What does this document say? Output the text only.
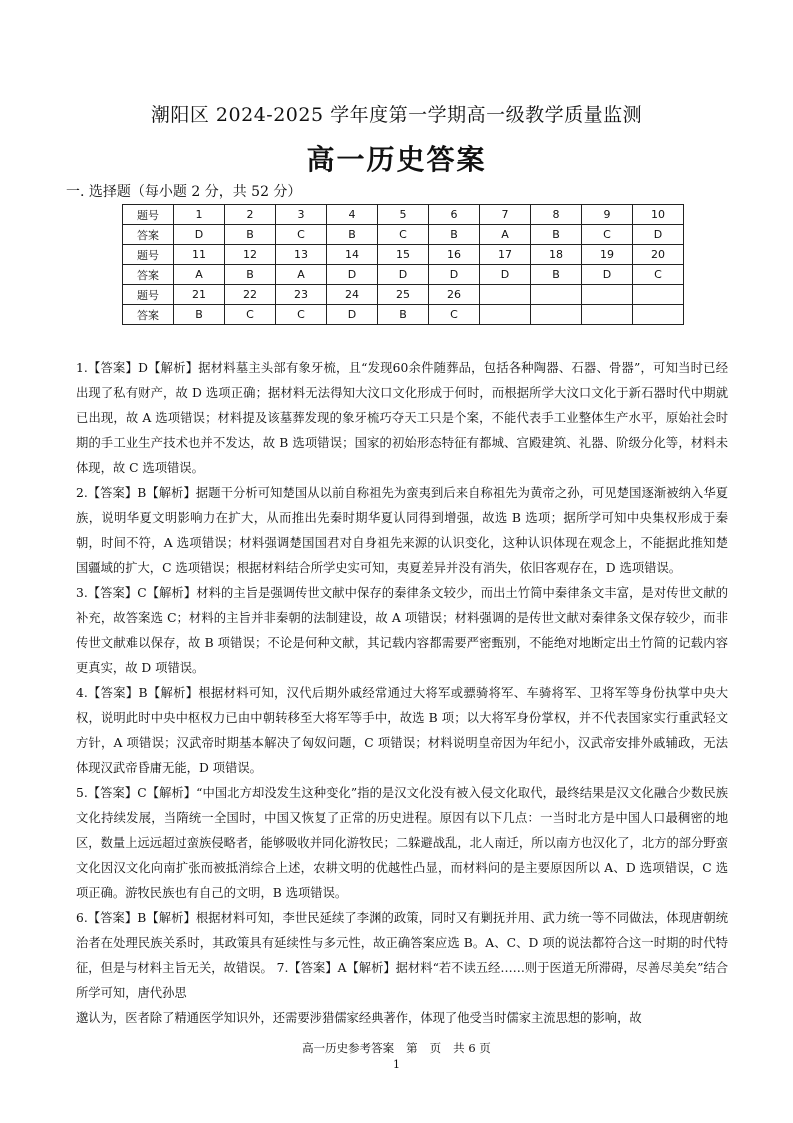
潮阳区 2024-2025 学年度第一学期高一级教学质量监测
高一历史答案
一. 选择题（每小题 2 分，共 52 分）
题号	1	2	3	4	5	6	7	8	9	10
答案	D	B	C	B	C	B	A	B	C	D
题号	11	12	13	14	15	16	17	18	19	20
答案	A	B	A	D	D	D	D	B	D	C
题号	21	22	23	24	25	26				
答案	B	C	C	D	B	C				

1.【答案】D【解析】据材料墓主头部有象牙梳，且“发现60余件随葬品，包括各种陶器、石器、骨器”，可知当时已经出现了私有财产，故 D 选项正确；据材料无法得知大汶口文化形成于何时，而根据所学大汶口文化于新石器时代中期就已出现，故 A 选项错误；材料提及该墓葬发现的象牙梳巧夺天工只是个案，不能代表手工业整体生产水平，原始社会时期的手工业生产技术也并不发达，故 B 选项错误；国家的初始形态特征有都城、宫殿建筑、礼器、阶级分化等，材料未体现，故 C 选项错误。

2.【答案】B【解析】据题干分析可知楚国从以前自称祖先为蛮夷到后来自称祖先为黄帝之孙，可见楚国逐渐被纳入华夏族，说明华夏文明影响力在扩大，从而推出先秦时期华夏认同得到增强，故选 B 选项；据所学可知中央集权形成于秦朝，时间不符，A 选项错误；材料强调楚国国君对自身祖先来源的认识变化，这种认识体现在观念上，不能据此推知楚国疆域的扩大，C 选项错误；根据材料结合所学史实可知，夷夏差异并没有消失，依旧客观存在，D 选项错误。

3.【答案】C【解析】材料的主旨是强调传世文献中保存的秦律条文较少，而出土竹简中秦律条文丰富，是对传世文献的补充，故答案选 C；材料的主旨并非秦朝的法制建设，故 A 项错误；材料强调的是传世文献对秦律条文保存较少，而非传世文献难以保存，故 B 项错误；不论是何种文献，其记载内容都需要严密甄别，不能绝对地断定出土竹简的记载内容更真实，故 D 项错误。

4.【答案】B【解析】根据材料可知，汉代后期外戚经常通过大将军或骠骑将军、车骑将军、卫将军等身份执掌中央大权，说明此时中央中枢权力已由中朝转移至大将军等手中，故选 B 项；以大将军身份掌权，并不代表国家实行重武轻文方针，A 项错误；汉武帝时期基本解决了匈奴问题，C 项错误；材料说明皇帝因为年纪小，汉武帝安排外戚辅政，无法体现汉武帝昏庸无能，D 项错误。

5.【答案】C【解析】“中国北方却没发生这种变化”指的是汉文化没有被入侵文化取代，最终结果是汉文化融合少数民族文化持续发展，当隋统一全国时，中国又恢复了正常的历史进程。原因有以下几点：一当时北方是中国人口最稠密的地区，数量上远远超过蛮族侵略者，能够吸收并同化游牧民；二躲避战乱，北人南迁，所以南方也汉化了，北方的部分野蛮文化因汉文化向南扩张而被抵消综合上述，农耕文明的优越性凸显，而材料问的是主要原因所以 A、D 选项错误，C 选项正确。游牧民族也有自己的文明，B 选项错误。

6.【答案】B【解析】根据材料可知，李世民延续了李渊的政策，同时又有剿抚并用、武力统一等不同做法，体现唐朝统治者在处理民族关系时，其政策具有延续性与多元性，故正确答案应选 B。A、C、D 项的说法都符合这一时期的时代特征，但是与材料主旨无关，故错误。 7.【答案】A【解析】据材料“若不读五经……则于医道无所滞碍，尽善尽美矣”结合所学可知，唐代孙思

邈认为，医者除了精通医学知识外，还需要涉猎儒家经典著作，体现了他受当时儒家主流思想的影响，故

高一历史参考答案 第 页 共 6 页
1
